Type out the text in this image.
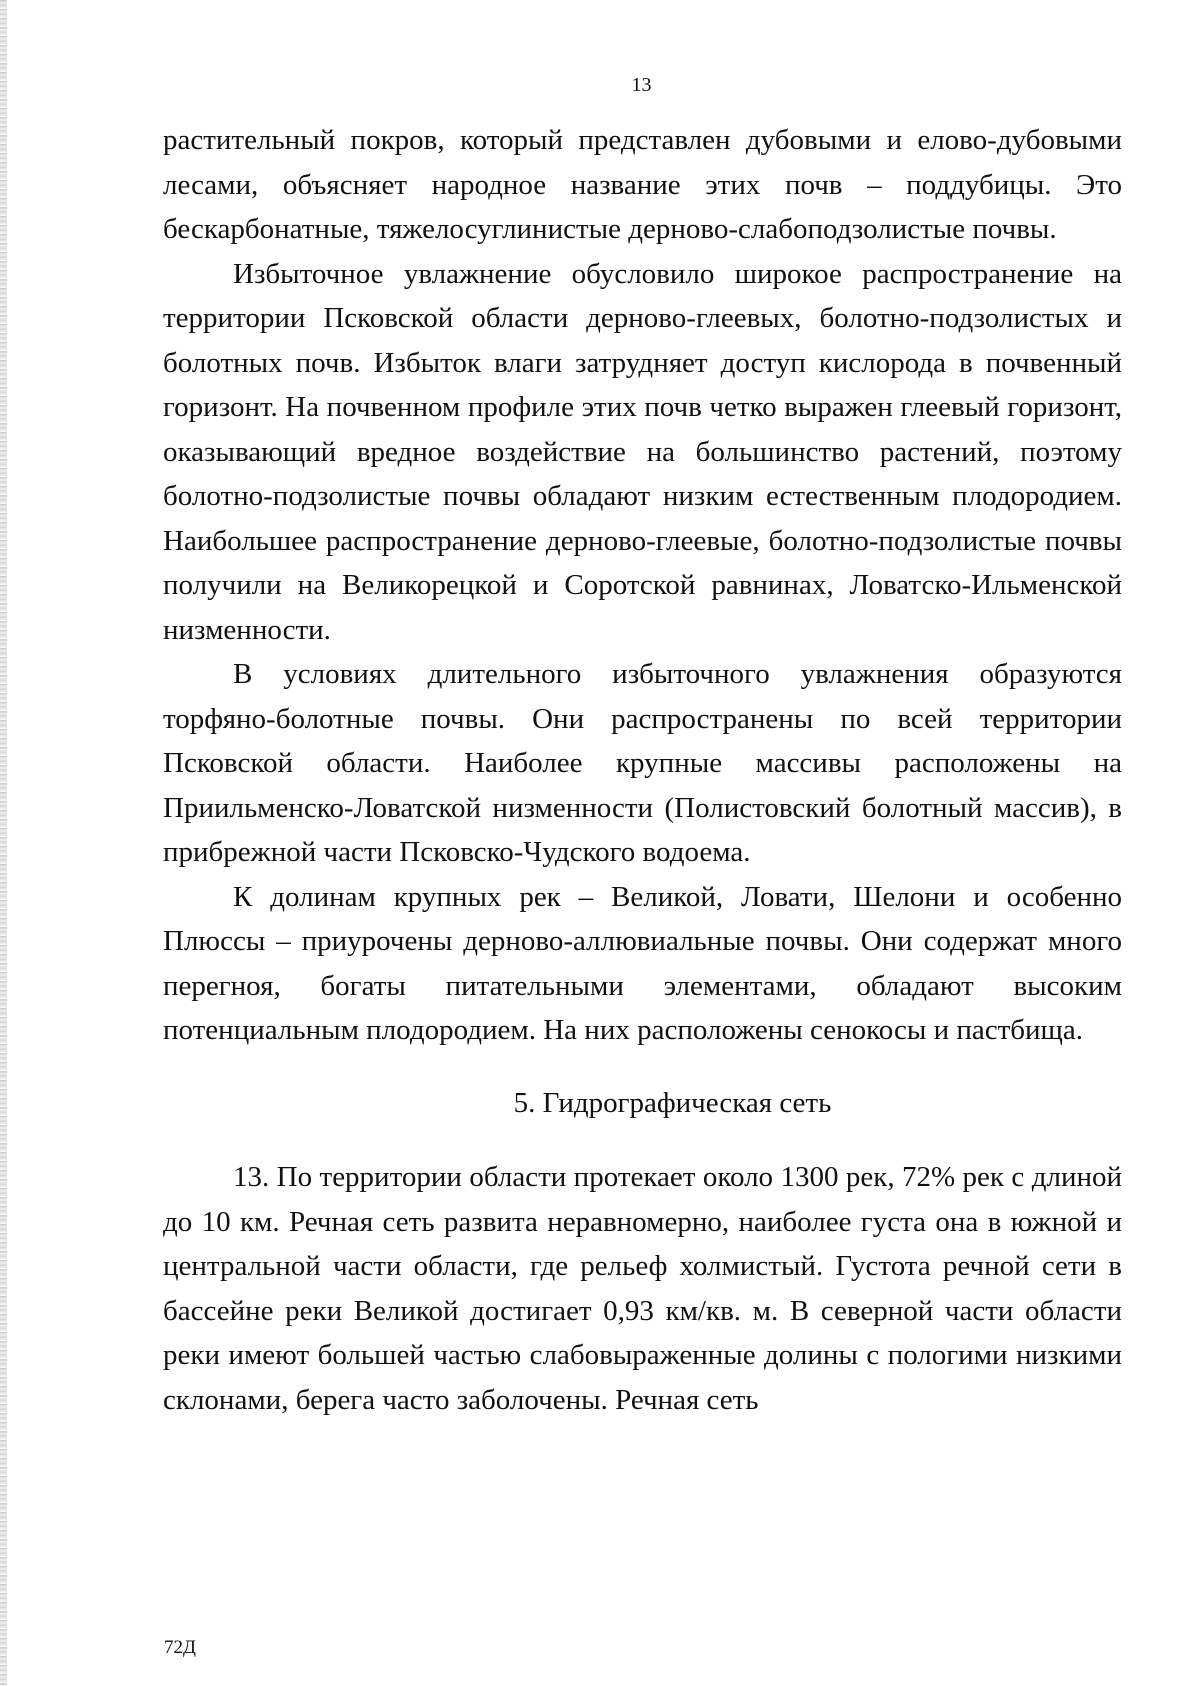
13

растительный покров, который представлен дубовыми и елово-дубовыми лесами, объясняет народное название этих почв – поддубицы. Это бескарбонатные, тяжелосуглинистые дерново-слабоподзолистые почвы.

Избыточное увлажнение обусловило широкое распространение на территории Псковской области дерново-глеевых, болотно-подзолистых и болотных почв. Избыток влаги затрудняет доступ кислорода в почвенный горизонт. На почвенном профиле этих почв четко выражен глеевый горизонт, оказывающий вредное воздействие на большинство растений, поэтому болотно-подзолистые почвы обладают низким естественным плодородием. Наибольшее распространение дерново-глеевые, болотно-подзолистые почвы получили на Великорецкой и Соротской равнинах, Ловатско-Ильменской низменности.

В условиях длительного избыточного увлажнения образуются торфяно-болотные почвы. Они распространены по всей территории Псковской области. Наиболее крупные массивы расположены на Приильменско-Ловатской низменности (Полистовский болотный массив), в прибрежной части Псковско-Чудского водоема.

К долинам крупных рек – Великой, Ловати, Шелони и особенно Плюссы – приурочены дерново-аллювиальные почвы. Они содержат много перегноя, богаты питательными элементами, обладают высоким потенциальным плодородием. На них расположены сенокосы и пастбища.

5. Гидрографическая сеть

13. По территории области протекает около 1300 рек, 72% рек с длиной до 10 км. Речная сеть развита неравномерно, наиболее густа она в южной и центральной части области, где рельеф холмистый. Густота речной сети в бассейне реки Великой достигает 0,93 км/кв. м. В северной части области реки имеют большей частью слабовыраженные долины с пологими низкими склонами, берега часто заболочены. Речная сеть

72Д
